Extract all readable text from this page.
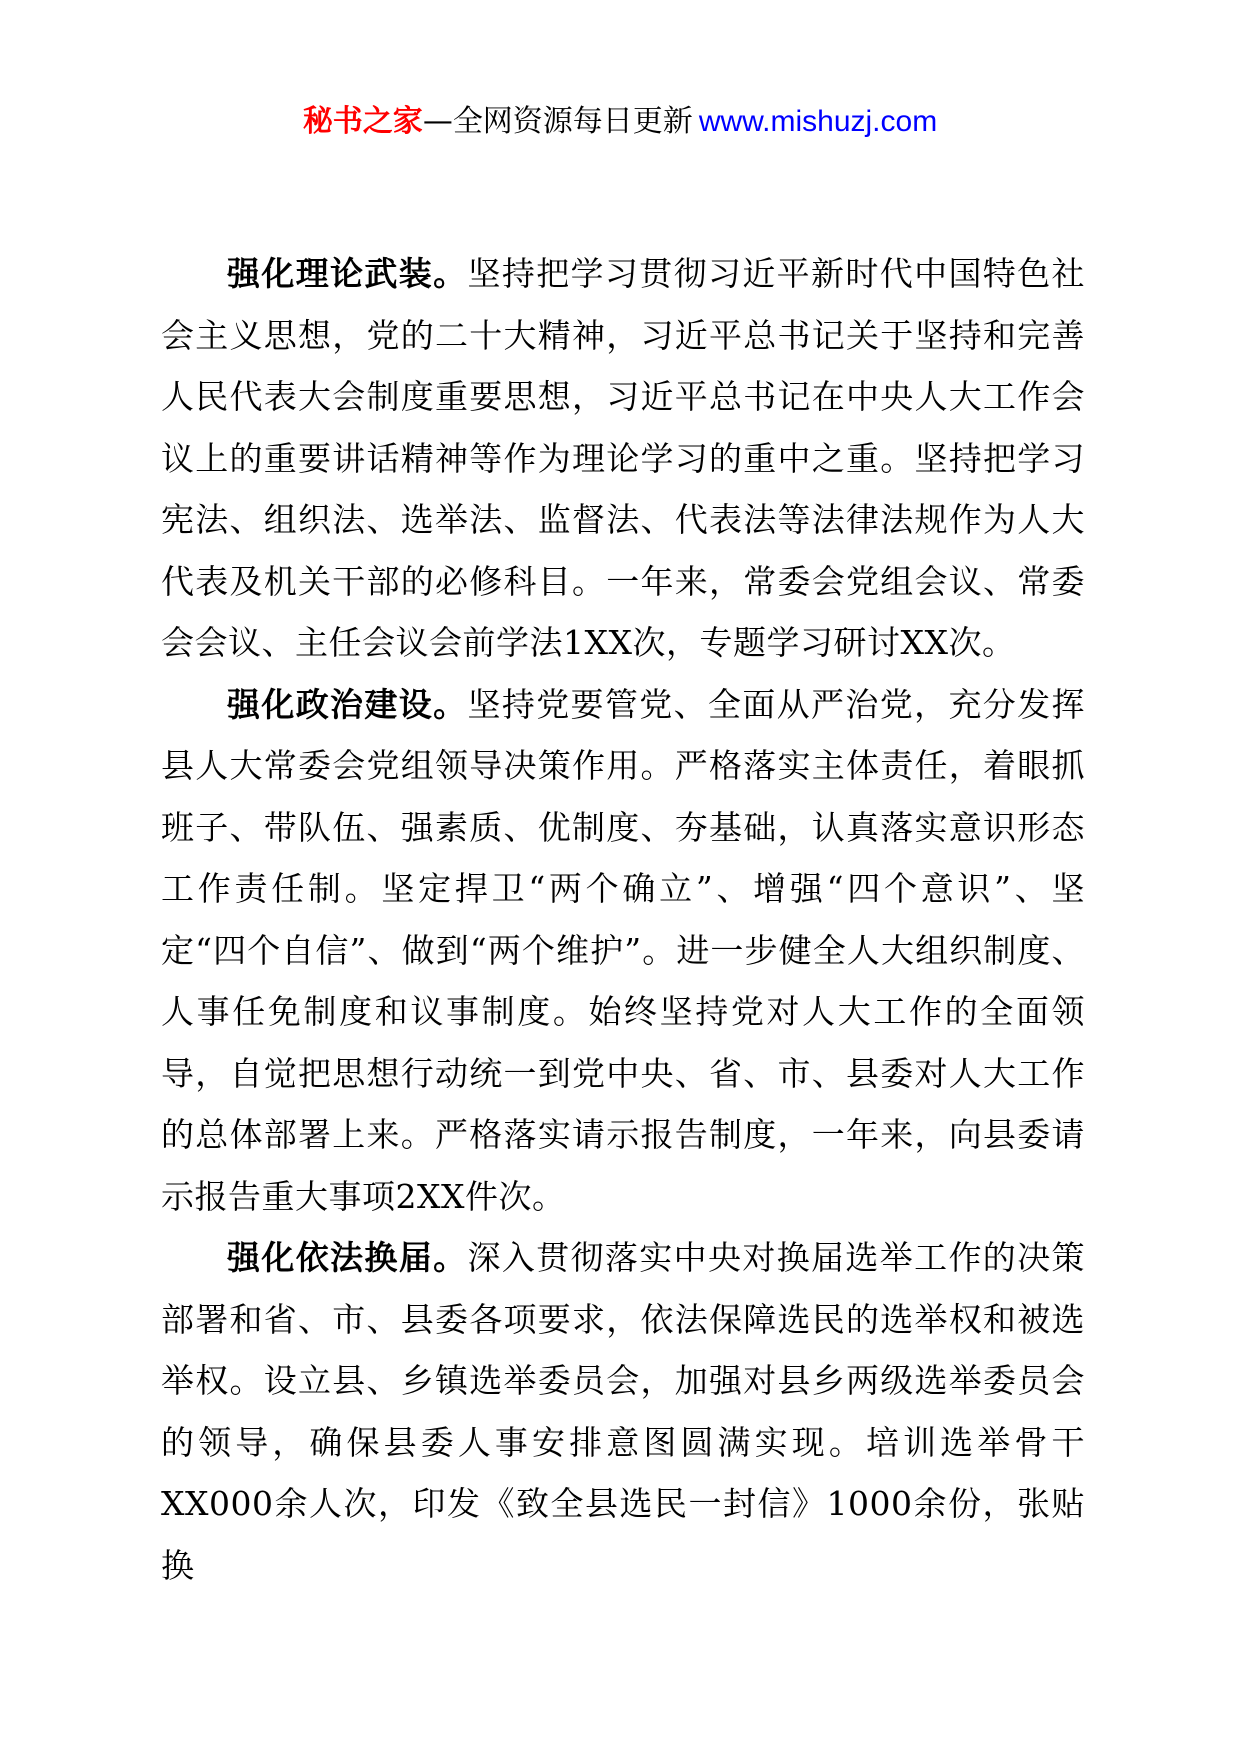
秘书之家—全网资源每日更新 www.mishuzj.com

强化理论武装。坚持把学习贯彻习近平新时代中国特色社会主义思想，党的二十大精神，习近平总书记关于坚持和完善人民代表大会制度重要思想，习近平总书记在中央人大工作会议上的重要讲话精神等作为理论学习的重中之重。坚持把学习宪法、组织法、选举法、监督法、代表法等法律法规作为人大代表及机关干部的必修科目。一年来，常委会党组会议、常委会会议、主任会议会前学法1XX次，专题学习研讨XX次。

强化政治建设。坚持党要管党、全面从严治党，充分发挥县人大常委会党组领导决策作用。严格落实主体责任，着眼抓班子、带队伍、强素质、优制度、夯基础，认真落实意识形态工作责任制。坚定捍卫“两个确立”、增强“四个意识”、坚定“四个自信”、做到“两个维护”。进一步健全人大组织制度、人事任免制度和议事制度。始终坚持党对人大工作的全面领导，自觉把思想行动统一到党中央、省、市、县委对人大工作的总体部署上来。严格落实请示报告制度，一年来，向县委请示报告重大事项2XX件次。

强化依法换届。深入贯彻落实中央对换届选举工作的决策部署和省、市、县委各项要求，依法保障选民的选举权和被选举权。设立县、乡镇选举委员会，加强对县乡两级选举委员会的领导，确保县委人事安排意图圆满实现。培训选举骨干XX000余人次，印发《致全县选民一封信》1000余份，张贴换
